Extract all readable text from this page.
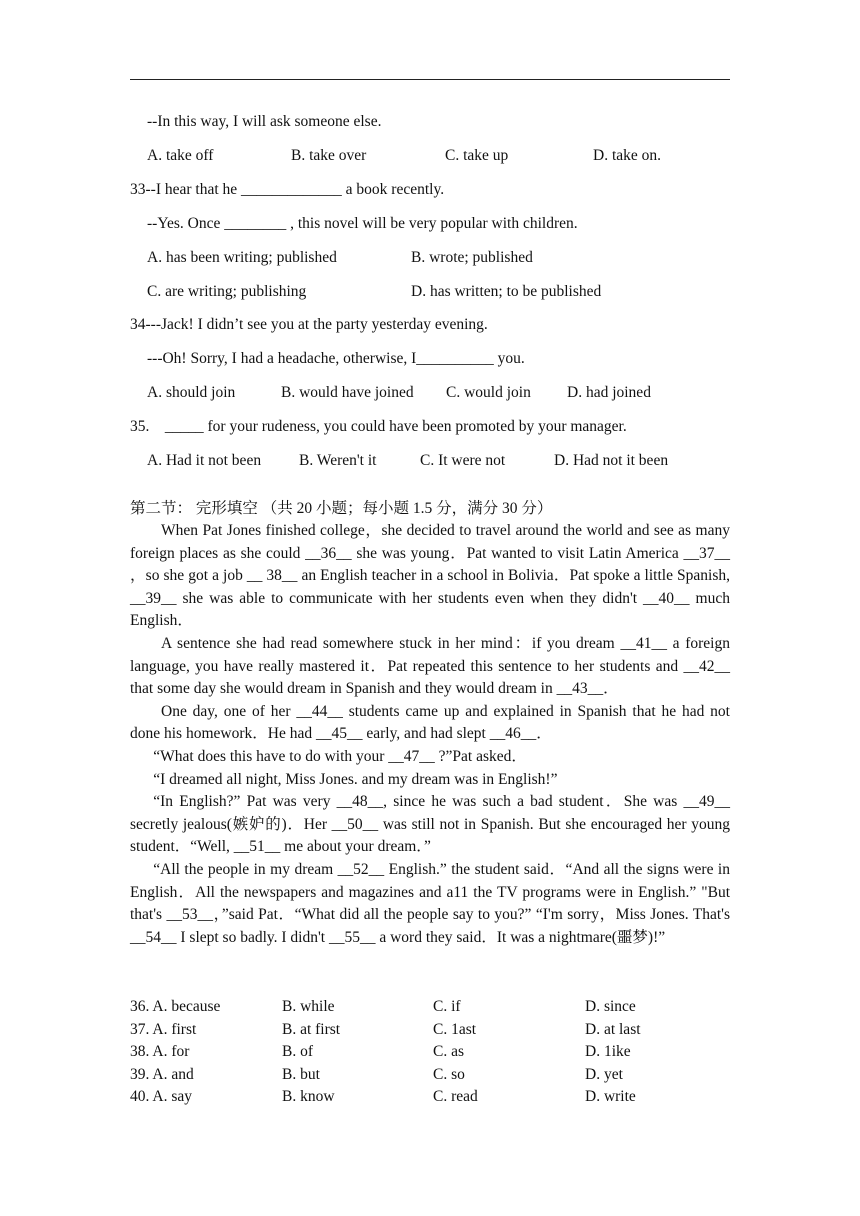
--In this way, I will ask someone else.
A. take off	B. take over	C. take up	D. take on.
33--I hear that he _____________ a book recently.
--Yes. Once ________ , this novel will be very popular with children.
A. has been writing; published	B. wrote; published
C. are writing; publishing	D. has written; to be published
34---Jack! I didn’t see you at the party yesterday evening.
---Oh! Sorry, I had a headache, otherwise, I__________ you.
A. should join	B. would have joined C. would join D. had joined
35.    _____ for your rudeness, you could have been promoted by your manager.
A. Had it not been B. Weren't it	C. It were not	D. Had not it been
第二节： 完形填空 （共 20 小题；每小题 1.5 分，满分 30 分）

When Pat Jones finished college，she decided to travel around the world and see as many foreign places as she could __36__ she was young．Pat wanted to visit Latin America __37__ ，so she got a job __ 38__ an English teacher in a school in Bolivia．Pat spoke a little Spanish, __39__ she was able to communicate with her students even when they didn't __40__ much English．

A sentence she had read somewhere stuck in her mind：if you dream __41__ a foreign language, you have really mastered it．Pat repeated this sentence to her students and __42__ that some day she would dream in Spanish and they would dream in __43__．

One day, one of her __44__ students came up and explained in Spanish that he had not done his homework．He had __45__ early, and had slept __46__．

“What does this have to do with your __47__ ?”Pat asked．

“I dreamed all night, Miss Jones. and my dream was in English!”

“In English?” Pat was very __48__, since he was such a bad student．She was __49__ secretly jealous(嫉妒的)．Her __50__ was still not in Spanish. But she encouraged her young student．“Well, __51__ me about your dream．”

“All the people in my dream __52__ English.” the student said．“And all the signs were in English．All the newspapers and magazines and a11 the TV programs were in English.” "But that's __53__，”said Pat．“What did all the people say to you?” “I'm sorry，Miss Jones. That's __54__ I slept so badly. I didn't __55__ a word they said．It was a nightmare(噩梦)!”

36. A. because	B. while	C. if	D. since
37. A. first	B. at first	C. 1ast	D. at last
38. A. for	B. of	C. as	D. 1ike
39. A. and	B. but	C. so	D. yet
40. A. say	B. know	C. read	D. write
